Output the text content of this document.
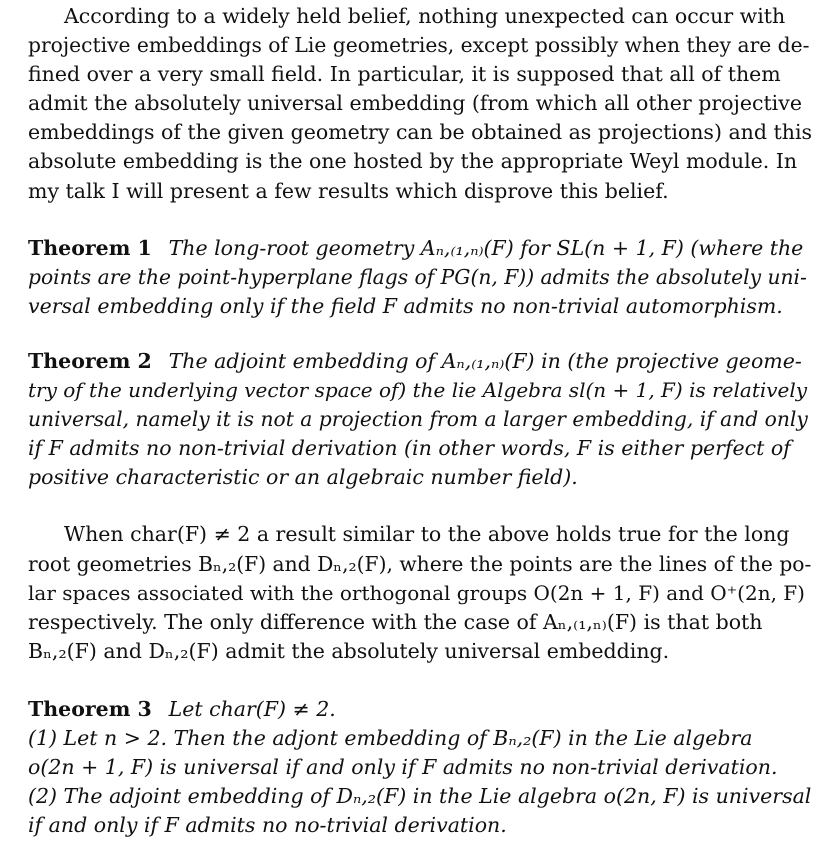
According to a widely held belief, nothing unexpected can occur with
projective embeddings of Lie geometries, except possibly when they are de-
fined over a very small field. In particular, it is supposed that all of them
admit the absolutely universal embedding (from which all other projective
embeddings of the given geometry can be obtained as projections) and this
absolute embedding is the one hosted by the appropriate Weyl module. In
my talk I will present a few results which disprove this belief.
Theorem 1  The long-root geometry Aₙ,₍₁,ₙ₎(F) for SL(n + 1, F) (where the
points are the point-hyperplane flags of PG(n, F)) admits the absolutely uni-
versal embedding only if the field F admits no non-trivial automorphism.
Theorem 2  The adjoint embedding of Aₙ,₍₁,ₙ₎(F) in (the projective geome-
try of the underlying vector space of) the lie Algebra sl(n + 1, F) is relatively
universal, namely it is not a projection from a larger embedding, if and only
if F admits no non-trivial derivation (in other words, F is either perfect of
positive characteristic or an algebraic number field).
When char(F) ≠ 2 a result similar to the above holds true for the long
root geometries Bₙ,₂(F) and Dₙ,₂(F), where the points are the lines of the po-
lar spaces associated with the orthogonal groups O(2n + 1, F) and O⁺(2n, F)
respectively. The only difference with the case of Aₙ,₍₁,ₙ₎(F) is that both
Bₙ,₂(F) and Dₙ,₂(F) admit the absolutely universal embedding.
Theorem 3  Let char(F) ≠ 2.
(1) Let n > 2. Then the adjont embedding of Bₙ,₂(F) in the Lie algebra
o(2n + 1, F) is universal if and only if F admits no non-trivial derivation.
(2) The adjoint embedding of Dₙ,₂(F) in the Lie algebra o(2n, F) is universal
if and only if F admits no no-trivial derivation.
